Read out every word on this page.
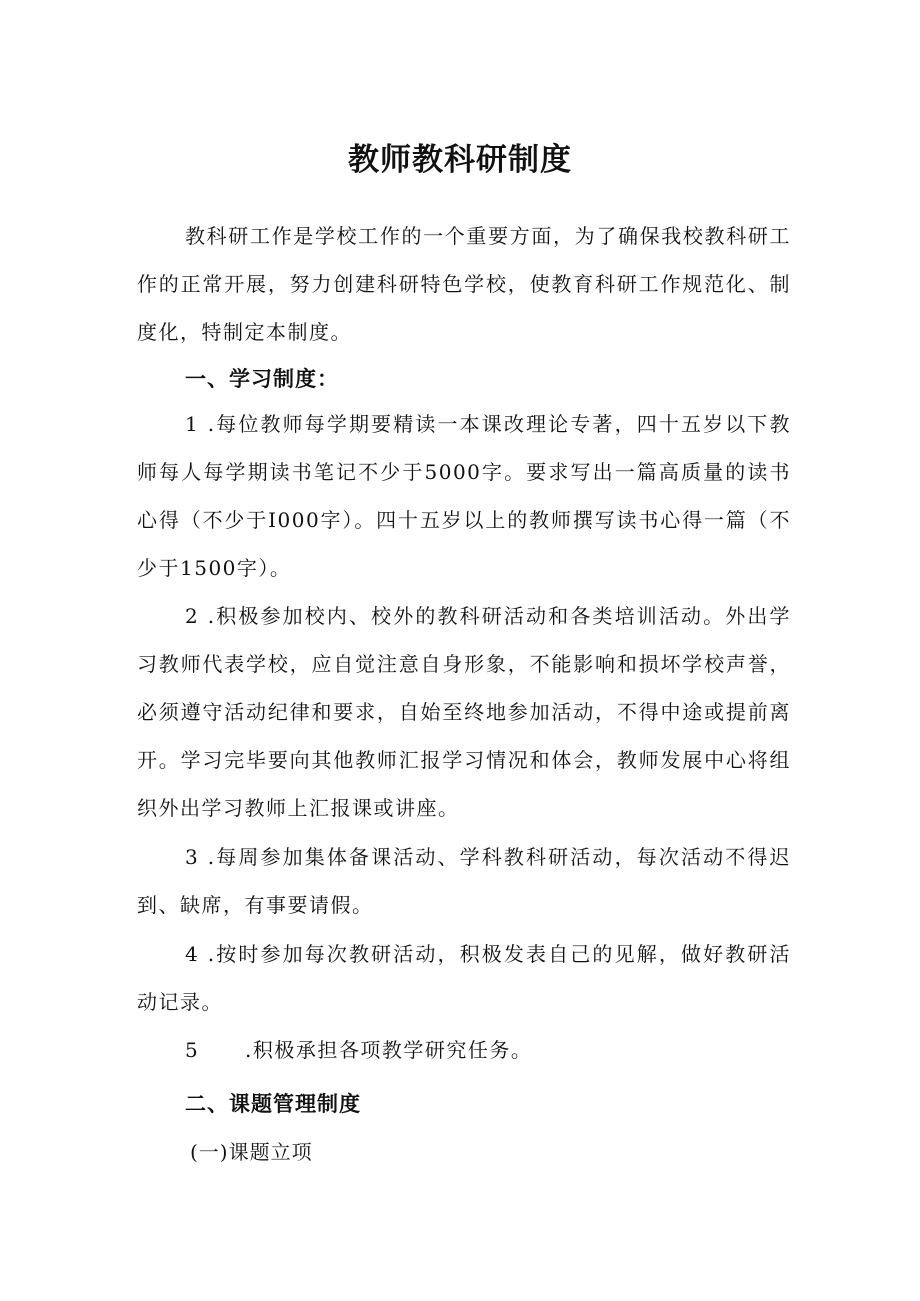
教师教科研制度

教科研工作是学校工作的一个重要方面，为了确保我校教科研工作的正常开展，努力创建科研特色学校，使教育科研工作规范化、制度化，特制定本制度。

一、学习制度：

1 .每位教师每学期要精读一本课改理论专著，四十五岁以下教师每人每学期读书笔记不少于5000字。要求写出一篇高质量的读书心得（不少于I000字）。四十五岁以上的教师撰写读书心得一篇（不少于1500字）。

2 .积极参加校内、校外的教科研活动和各类培训活动。外出学习教师代表学校，应自觉注意自身形象，不能影响和损坏学校声誉，必须遵守活动纪律和要求，自始至终地参加活动，不得中途或提前离开。学习完毕要向其他教师汇报学习情况和体会，教师发展中心将组织外出学习教师上汇报课或讲座。

3 .每周参加集体备课活动、学科教科研活动，每次活动不得迟到、缺席，有事要请假。

4 .按时参加每次教研活动，积极发表自己的见解，做好教研活动记录。

5 .积极承担各项教学研究任务。

二、课题管理制度

(一)课题立项
